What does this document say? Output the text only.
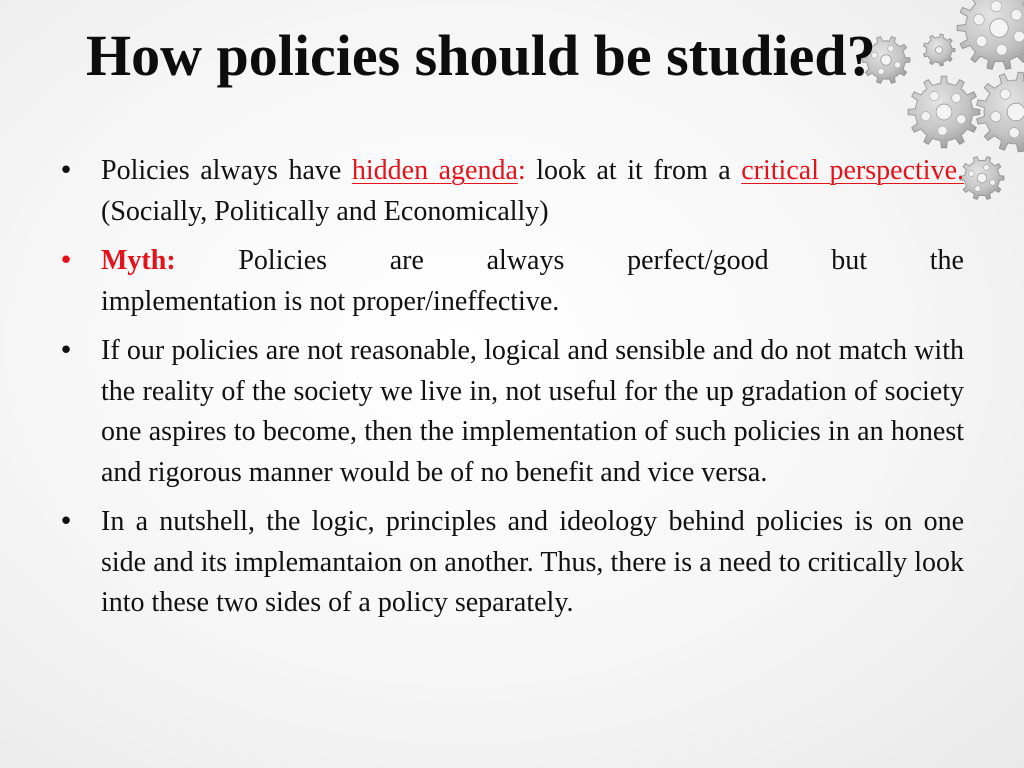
How policies should be studied?
• Policies always have hidden agenda: look at it from a critical perspective.(Socially, Politically and Economically)
• Myth: Policies are always perfect/good but the
implementation is not proper/ineffective.
• If our policies are not reasonable, logical and sensible and do not match with the reality of the society we live in, not useful for the up gradation of society one aspires to become, then the implementation of such policies in an honest and rigorous manner would be of no benefit and vice versa.
• In a nutshell, the logic, principles and ideology behind policies is on one side and its implemantaion on another. Thus, there is a need to critically look into these two sides of a policy separately.
